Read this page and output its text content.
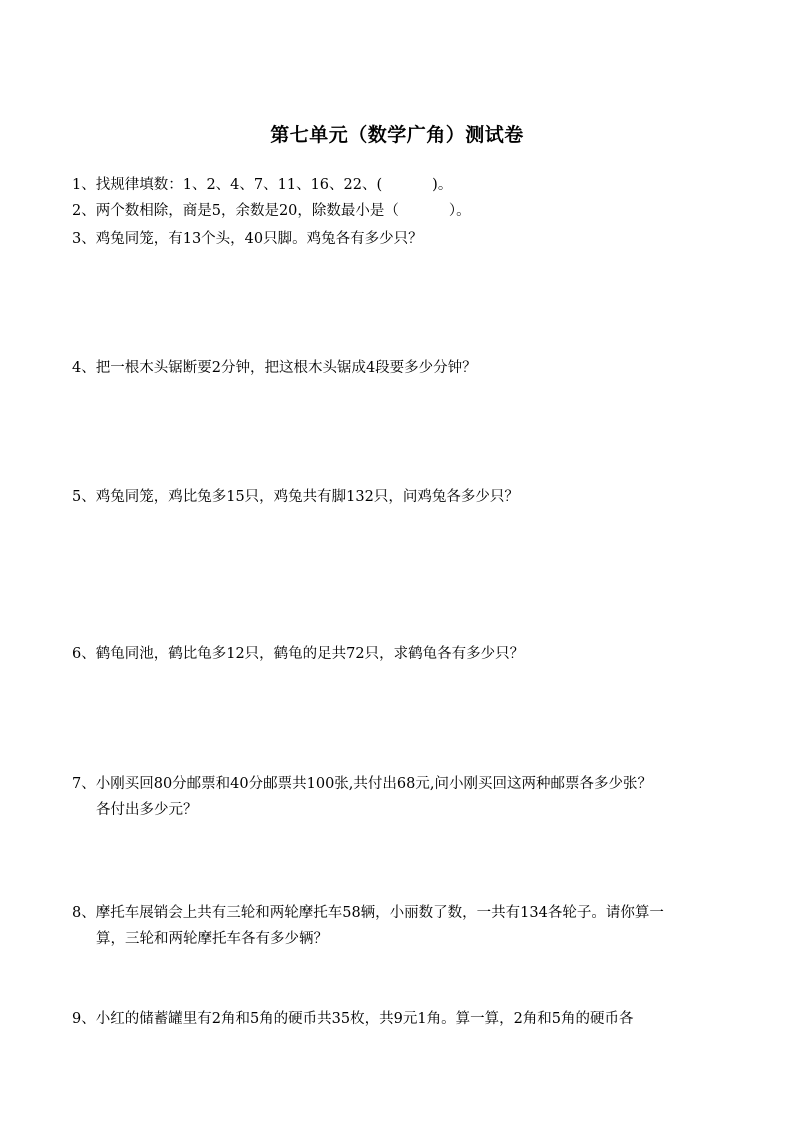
第七单元（数学广角）测试卷
1、找规律填数：1、2、4、7、11、16、22、(	)。
2、两个数相除，商是5，余数是20，除数最小是（	）。
3、鸡兔同笼，有13个头，40只脚。鸡兔各有多少只？
4、把一根木头锯断要2分钟，把这根木头锯成4段要多少分钟？
5、鸡兔同笼，鸡比兔多15只，鸡兔共有脚132只，问鸡兔各多少只？
6、鹤龟同池，鹤比龟多12只，鹤龟的足共72只，求鹤龟各有多少只？
7、小刚买回80分邮票和40分邮票共100张,共付出68元,问小刚买回这两种邮票各多少张？
各付出多少元？
8、摩托车展销会上共有三轮和两轮摩托车58辆，小丽数了数，一共有134各轮子。请你算一
算，三轮和两轮摩托车各有多少辆？
9、小红的储蓄罐里有2角和5角的硬币共35枚，共9元1角。算一算，2角和5角的硬币各
